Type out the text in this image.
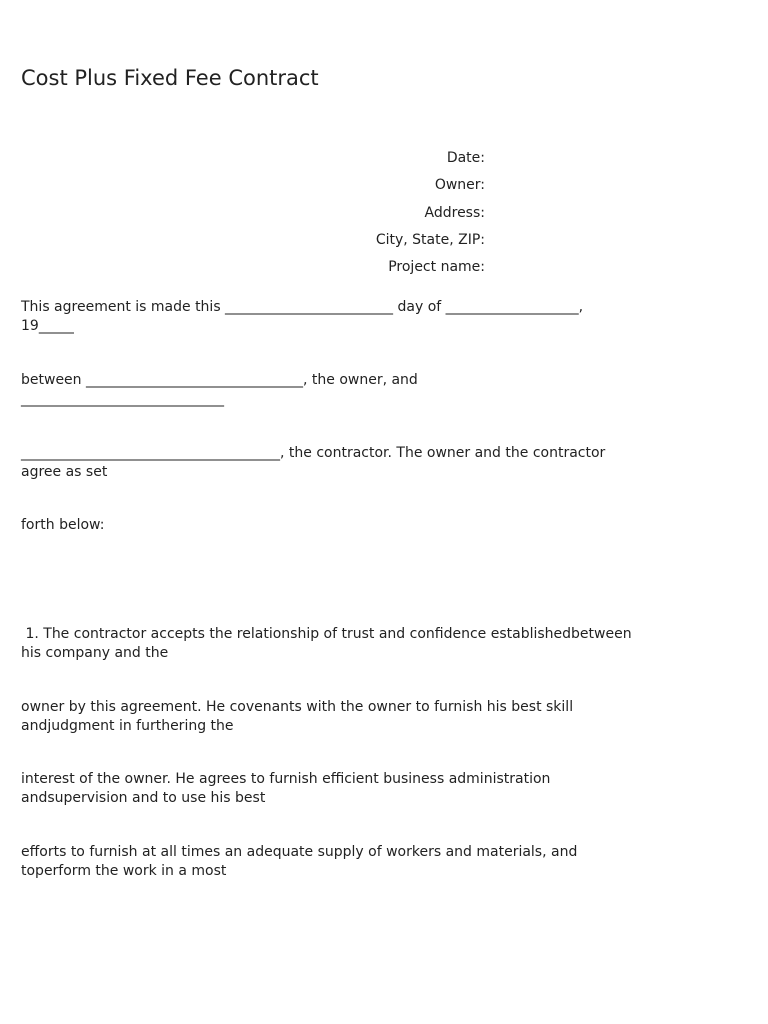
Cost Plus Fixed Fee Contract
Date:
Owner:
Address:
City, State, ZIP:
Project name:
This agreement is made this ________________________ day of ___________________,
19_____
between _______________________________, the owner, and
_____________________________
_____________________________________, the contractor. The owner and the contractor
agree as set
forth below:
1. The contractor accepts the relationship of trust and confidence establishedbetween
his company and the
owner by this agreement. He covenants with the owner to furnish his best skill
andjudgment in furthering the
interest of the owner. He agrees to furnish efficient business administration
andsupervision and to use his best
efforts to furnish at all times an adequate supply of workers and materials, and
toperform the work in a most
